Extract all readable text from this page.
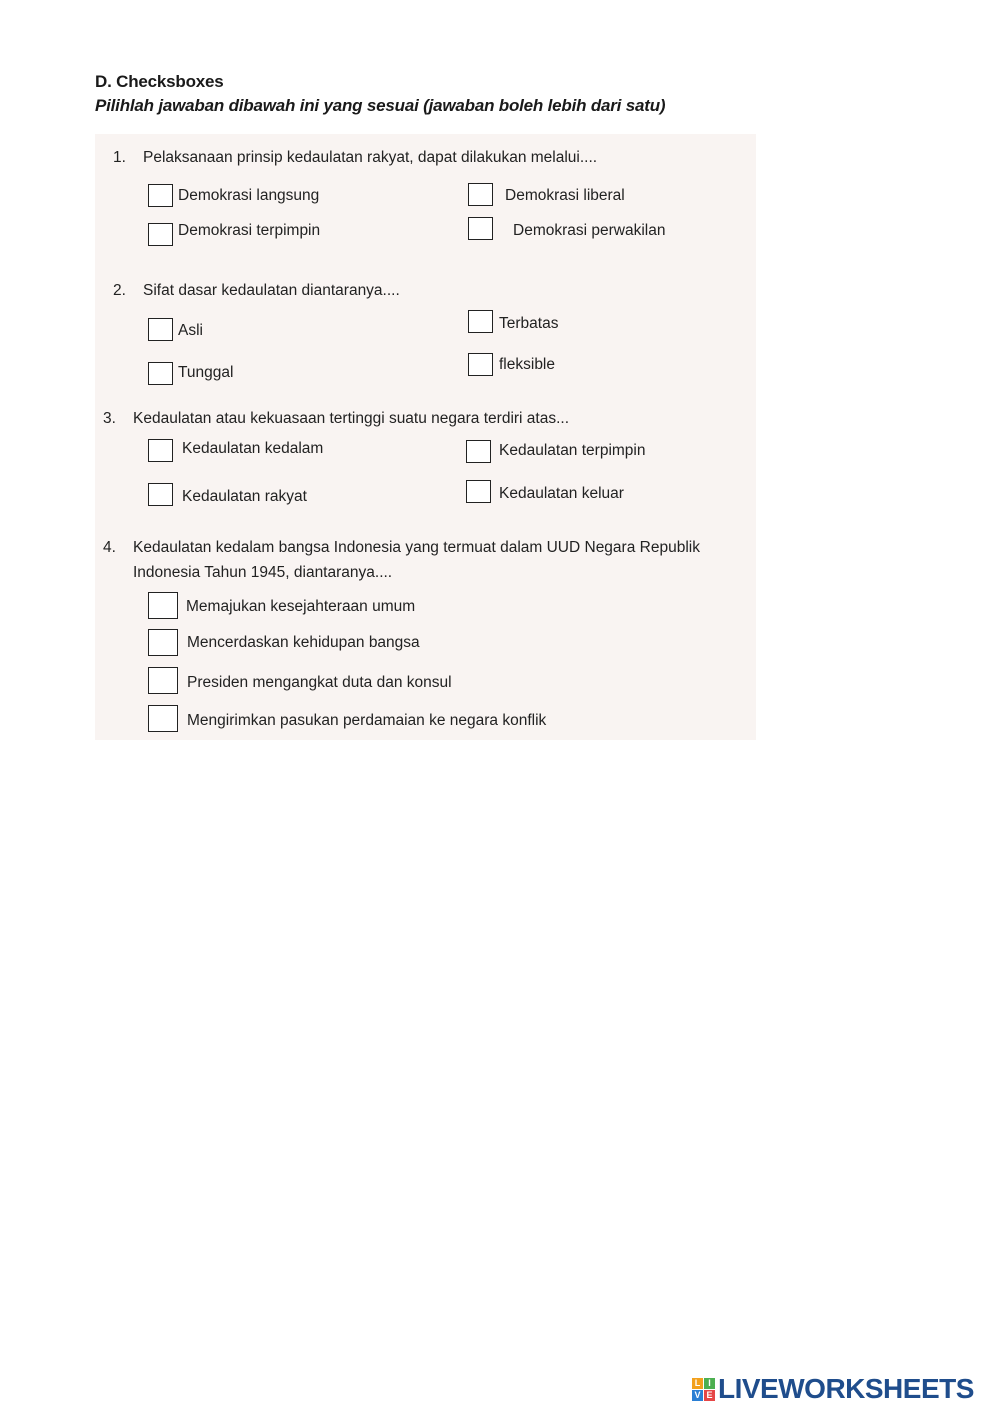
D. Checksboxes
Pilihlah jawaban dibawah ini yang sesuai (jawaban boleh lebih dari satu)
1. Pelaksanaan prinsip kedaulatan rakyat, dapat dilakukan melalui....
Demokrasi langsung	Demokrasi liberal
Demokrasi terpimpin	Demokrasi perwakilan
2. Sifat dasar kedaulatan diantaranya....
Asli	Terbatas
Tunggal	fleksible
3. Kedaulatan atau kekuasaan tertinggi suatu negara terdiri atas...
Kedaulatan kedalam	Kedaulatan terpimpin
Kedaulatan rakyat	Kedaulatan keluar
4. Kedaulatan kedalam bangsa Indonesia yang termuat dalam UUD Negara Republik
Indonesia Tahun 1945, diantaranya....
Memajukan kesejahteraan umum
Mencerdaskan kehidupan bangsa
Presiden mengangkat duta dan konsul
Mengirimkan pasukan perdamaian ke negara konflik
L I
V E LIVEWORKSHEETS
